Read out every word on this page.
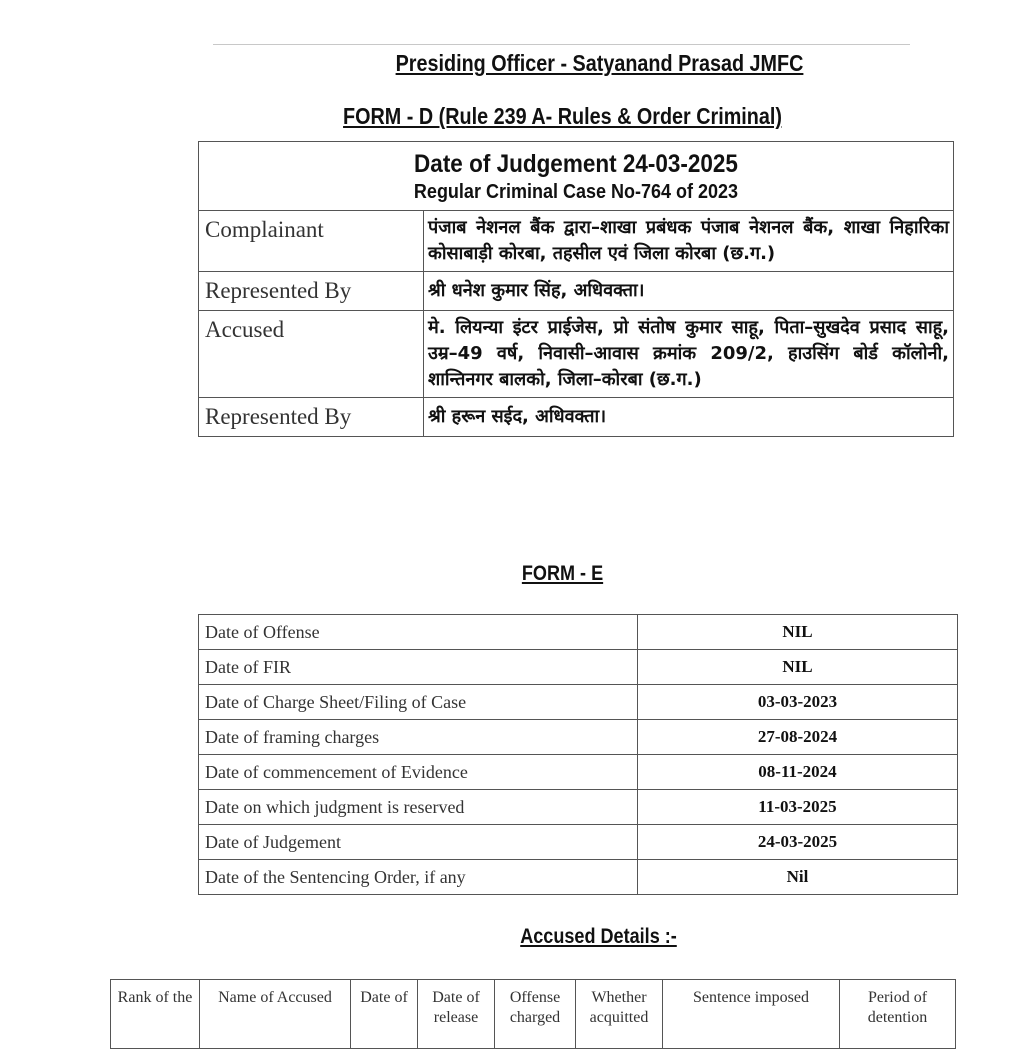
Presiding Officer - Satyanand Prasad JMFC
FORM - D (Rule 239 A- Rules & Order Criminal)
Date of Judgement 24-03-2025
Regular Criminal Case No-764 of 2023	

Complainant	पंजाब नेशनल बैंक द्वारा–शाखा प्रबंधक पंजाब नेशनल बैंक, शाखा निहारिका कोसाबाड़ी कोरबा, तहसील एवं जिला कोरबा (छ.ग.)
Represented By	श्री धनेश कुमार सिंह, अधिवक्ता।
Accused	मे. लियन्या इंटर प्राईजेस, प्रो संतोष कुमार साहू, पिता–सुखदेव प्रसाद साहू, उम्र–49 वर्ष, निवासी–आवास क्रमांक 209/2, हाउसिंग बोर्ड कॉलोनी, शान्तिनगर बालको, जिला–कोरबा (छ.ग.)
Represented By	श्री हरून सईद, अधिवक्ता।
FORM - E
Date of Offense	NIL
Date of FIR	NIL
Date of Charge Sheet/Filing of Case	03-03-2023
Date of framing charges	27-08-2024
Date of commencement of Evidence	08-11-2024
Date on which judgment is reserved	11-03-2025
Date of Judgement	24-03-2025
Date of the Sentencing Order, if any	Nil
Accused Details :-
Rank of the	Name of Accused	Date of	Date of release	Offense charged	Whether acquitted	Sentence imposed	Period of detention
